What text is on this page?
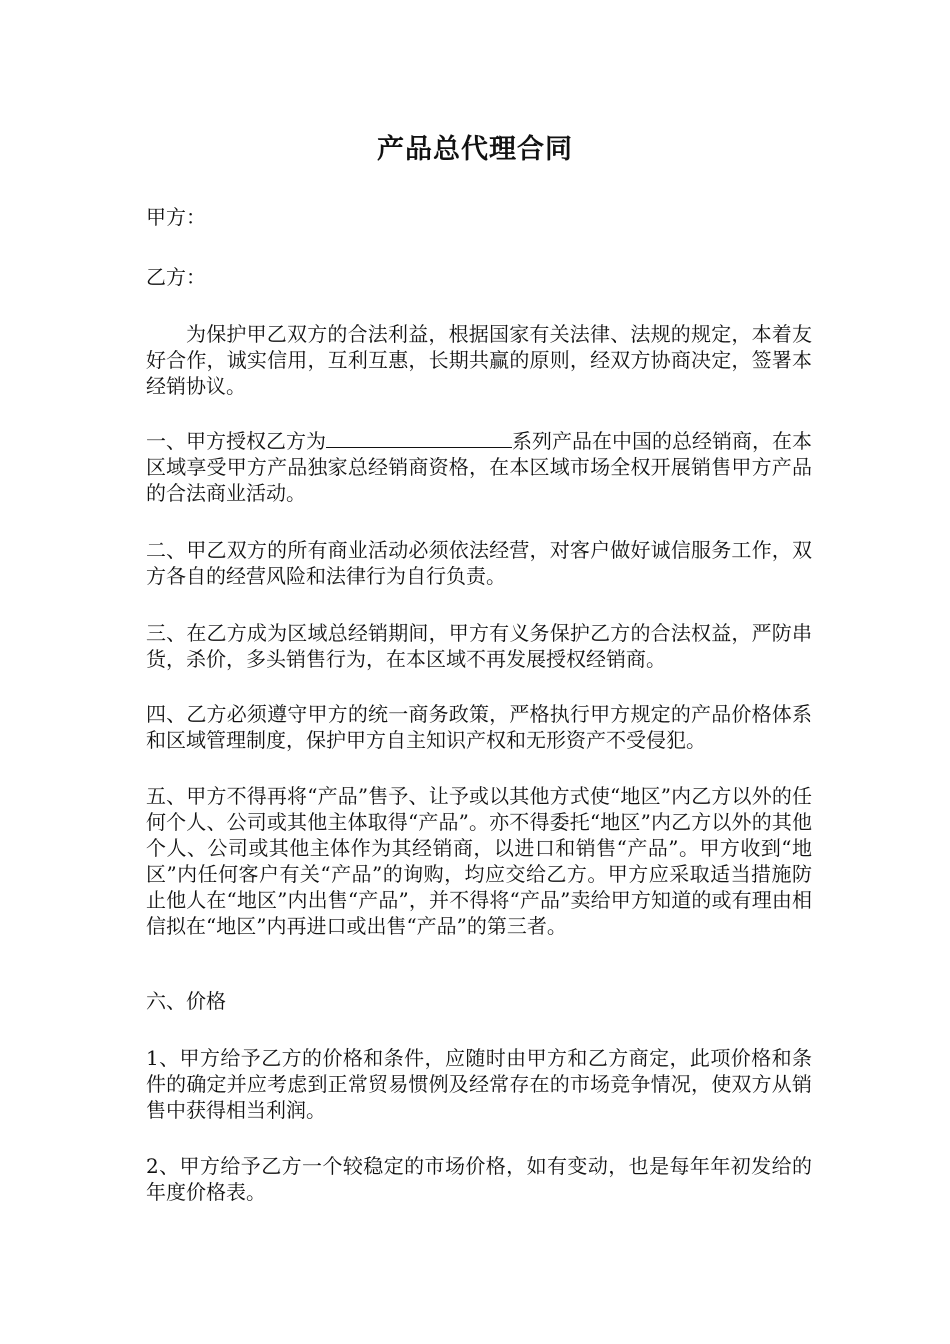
产品总代理合同

甲方：

乙方：

为保护甲乙双方的合法利益，根据国家有关法律、法规的规定，本着友好合作，诚实信用，互利互惠，长期共赢的原则，经双方协商决定，签署本经销协议。

一、甲方授权乙方为	系列产品在中国的总经销商，在本区域享受甲方产品独家总经销商资格，在本区域市场全权开展销售甲方产品的合法商业活动。

二、甲乙双方的所有商业活动必须依法经营，对客户做好诚信服务工作，双方各自的经营风险和法律行为自行负责。

三、在乙方成为区域总经销期间，甲方有义务保护乙方的合法权益，严防串货，杀价，多头销售行为，在本区域不再发展授权经销商。

四、乙方必须遵守甲方的统一商务政策，严格执行甲方规定的产品价格体系和区域管理制度，保护甲方自主知识产权和无形资产不受侵犯。

五、甲方不得再将“产品”售予、让予或以其他方式使“地区”内乙方以外的任何个人、公司或其他主体取得“产品”。亦不得委托“地区”内乙方以外的其他个人、公司或其他主体作为其经销商，以进口和销售“产品”。甲方收到“地区”内任何客户有关“产品”的询购，均应交给乙方。甲方应采取适当措施防止他人在“地区”内出售“产品”，并不得将“产品”卖给甲方知道的或有理由相信拟在“地区”内再进口或出售“产品”的第三者。

六、价格

1、甲方给予乙方的价格和条件，应随时由甲方和乙方商定，此项价格和条件的确定并应考虑到正常贸易惯例及经常存在的市场竞争情况，使双方从销售中获得相当利润。

2、甲方给予乙方一个较稳定的市场价格，如有变动，也是每年年初发给的年度价格表。
